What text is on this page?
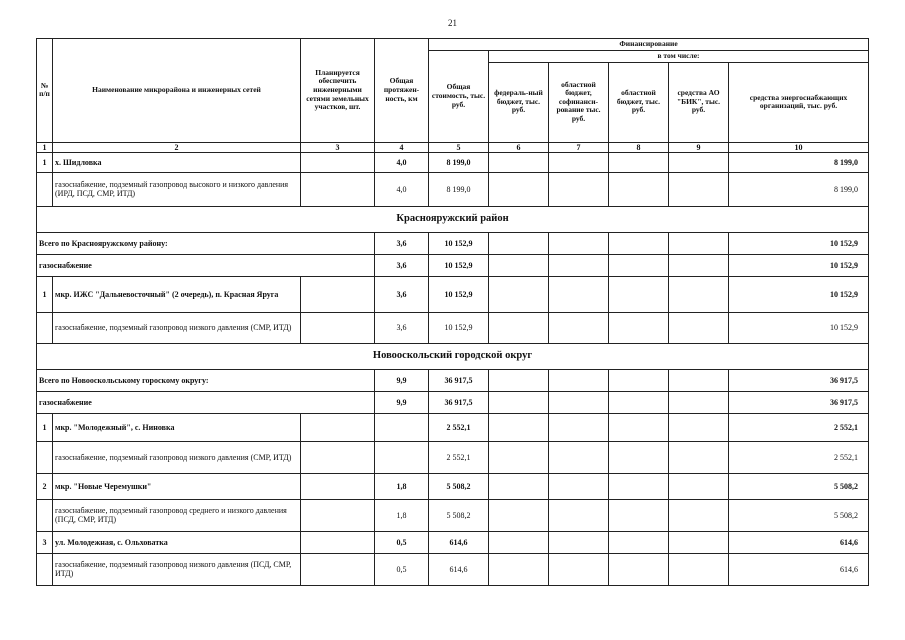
21
№ п/п	Наименование микрорайона и инженерных сетей	Планируется обеспечить инженерными сетями земельных участков, шт.	Общая протяжен-ность, км	Финансирование					
				Общая стоимость, тыс. руб.	в том числе:				
					федераль-ный бюджет, тыс. руб.	областной бюджет, софинанси-рование тыс. руб.	областной бюджет, тыс. руб.	средства АО "БИК", тыс. руб.	средства энергоснабжающих организаций, тыс. руб.
1	2	3	4	5	6	7	8	9	10
1	х. Шидловка		4,0	8 199,0					8 199,0
	газоснабжение, подземный газопровод высокого и низкого давления (ИРД, ПСД, СМР, ИТД)		4,0	8 199,0					8 199,0
Краснояружский район									
Всего по Краснояружскому району:			3,6	10 152,9					10 152,9
газоснабжение			3,6	10 152,9					10 152,9
1	мкр. ИЖС "Дальневосточный" (2 очередь), п. Красная Яруга		3,6	10 152,9					10 152,9
	газоснабжение, подземный газопровод низкого давления (СМР, ИТД)		3,6	10 152,9					10 152,9
Новооскольский городской округ									
Всего по Новооскольському гороскому округу:			9,9	36 917,5					36 917,5
газоснабжение			9,9	36 917,5					36 917,5
1	мкр. "Молодежный", с. Ниновка			2 552,1					2 552,1
	газоснабжение, подземный газопровод низкого давления (СМР, ИТД)			2 552,1					2 552,1
2	мкр. "Новые Черемушки"		1,8	5 508,2					5 508,2
	газоснабжение, подземный газопровод среднего и низкого давления (ПСД, СМР, ИТД)		1,8	5 508,2					5 508,2
3	ул. Молодежная, с. Ольховатка		0,5	614,6					614,6
	газоснабжение, подземный газопровод низкого давления (ПСД, СМР, ИТД)		0,5	614,6					614,6
